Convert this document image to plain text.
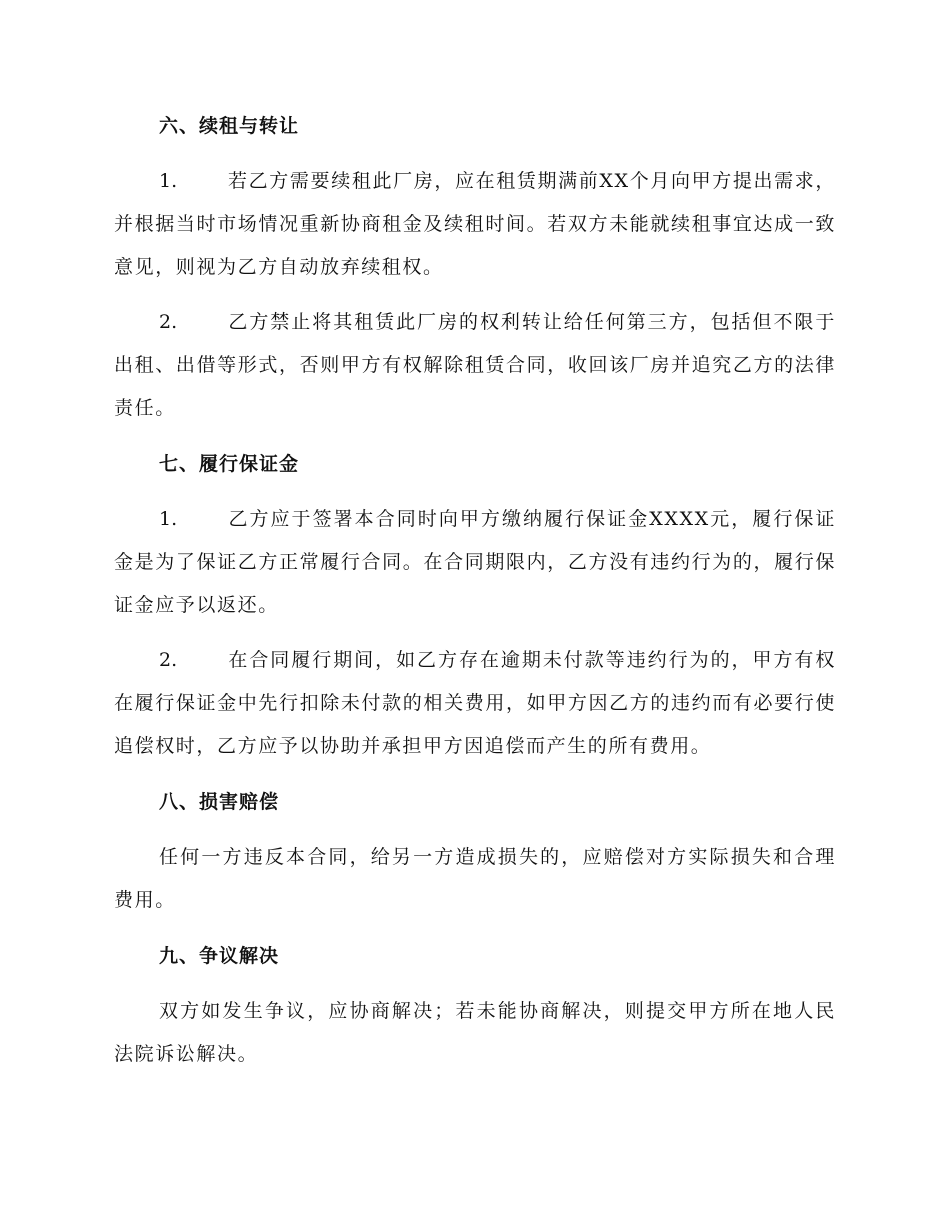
六、续租与转让
1.	若乙方需要续租此厂房，应在租赁期满前XX个月向甲方提出需求，并根据当时市场情况重新协商租金及续租时间。若双方未能就续租事宜达成一致意见，则视为乙方自动放弃续租权。
2.	乙方禁止将其租赁此厂房的权利转让给任何第三方，包括但不限于出租、出借等形式，否则甲方有权解除租赁合同，收回该厂房并追究乙方的法律责任。
七、履行保证金
1.	乙方应于签署本合同时向甲方缴纳履行保证金XXXX元，履行保证金是为了保证乙方正常履行合同。在合同期限内，乙方没有违约行为的，履行保证金应予以返还。
2.	在合同履行期间，如乙方存在逾期未付款等违约行为的，甲方有权在履行保证金中先行扣除未付款的相关费用，如甲方因乙方的违约而有必要行使追偿权时，乙方应予以协助并承担甲方因追偿而产生的所有费用。
八、损害赔偿
任何一方违反本合同，给另一方造成损失的，应赔偿对方实际损失和合理费用。
九、争议解决
双方如发生争议，应协商解决；若未能协商解决，则提交甲方所在地人民法院诉讼解决。
